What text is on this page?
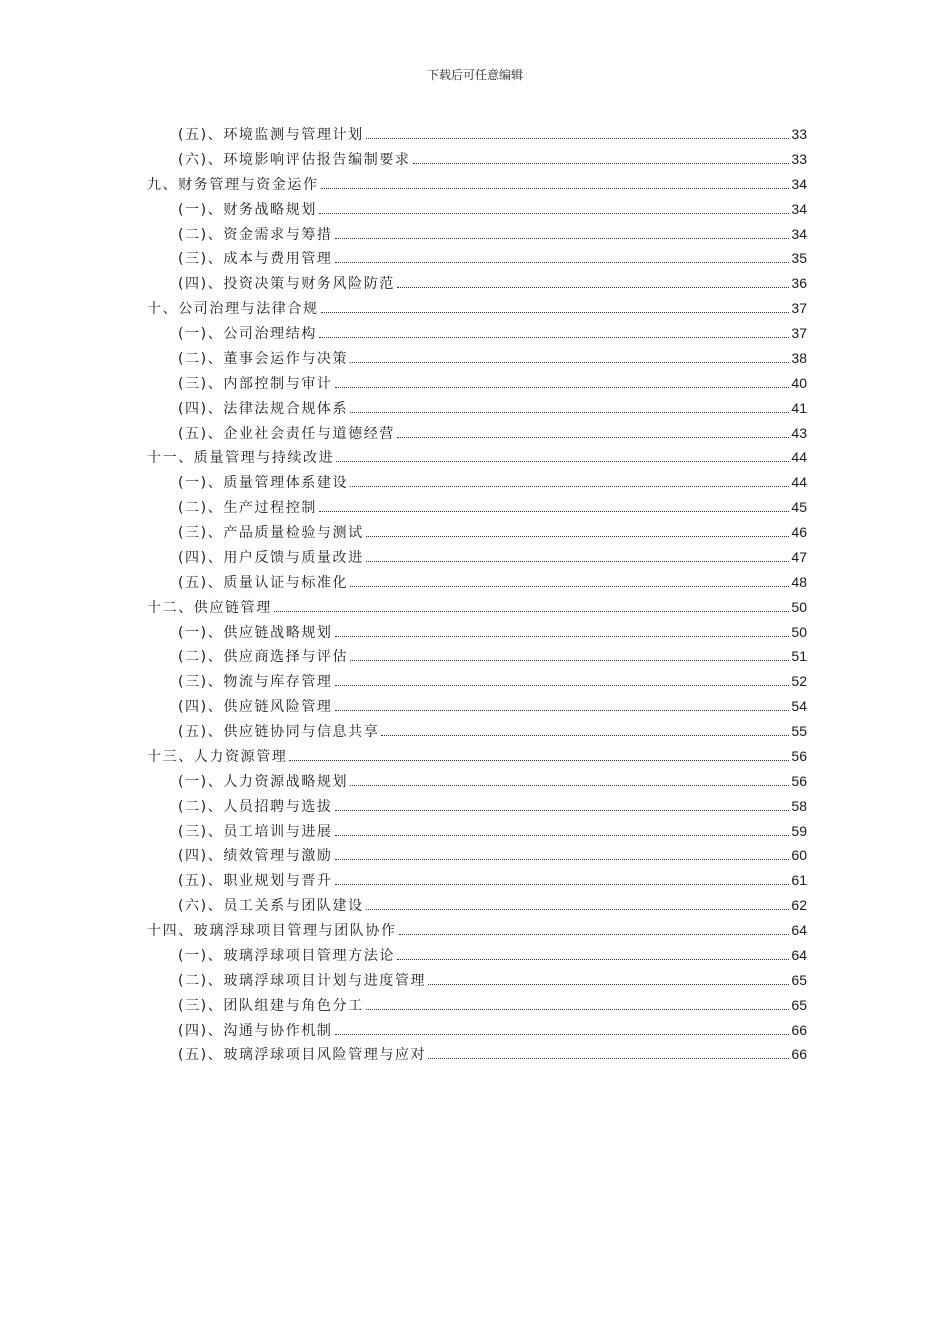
下载后可任意编辑
(五)、环境监测与管理计划	33
(六)、环境影响评估报告编制要求	33
九、财务管理与资金运作	34
(一)、财务战略规划	34
(二)、资金需求与筹措	34
(三)、成本与费用管理	35
(四)、投资决策与财务风险防范	36
十、公司治理与法律合规	37
(一)、公司治理结构	37
(二)、董事会运作与决策	38
(三)、内部控制与审计	40
(四)、法律法规合规体系	41
(五)、企业社会责任与道德经营	43
十一、质量管理与持续改进	44
(一)、质量管理体系建设	44
(二)、生产过程控制	45
(三)、产品质量检验与测试	46
(四)、用户反馈与质量改进	47
(五)、质量认证与标准化	48
十二、供应链管理	50
(一)、供应链战略规划	50
(二)、供应商选择与评估	51
(三)、物流与库存管理	52
(四)、供应链风险管理	54
(五)、供应链协同与信息共享	55
十三、人力资源管理	56
(一)、人力资源战略规划	56
(二)、人员招聘与选拔	58
(三)、员工培训与进展	59
(四)、绩效管理与激励	60
(五)、职业规划与晋升	61
(六)、员工关系与团队建设	62
十四、玻璃浮球项目管理与团队协作	64
(一)、玻璃浮球项目管理方法论	64
(二)、玻璃浮球项目计划与进度管理	65
(三)、团队组建与角色分工	65
(四)、沟通与协作机制	66
(五)、玻璃浮球项目风险管理与应对	66
